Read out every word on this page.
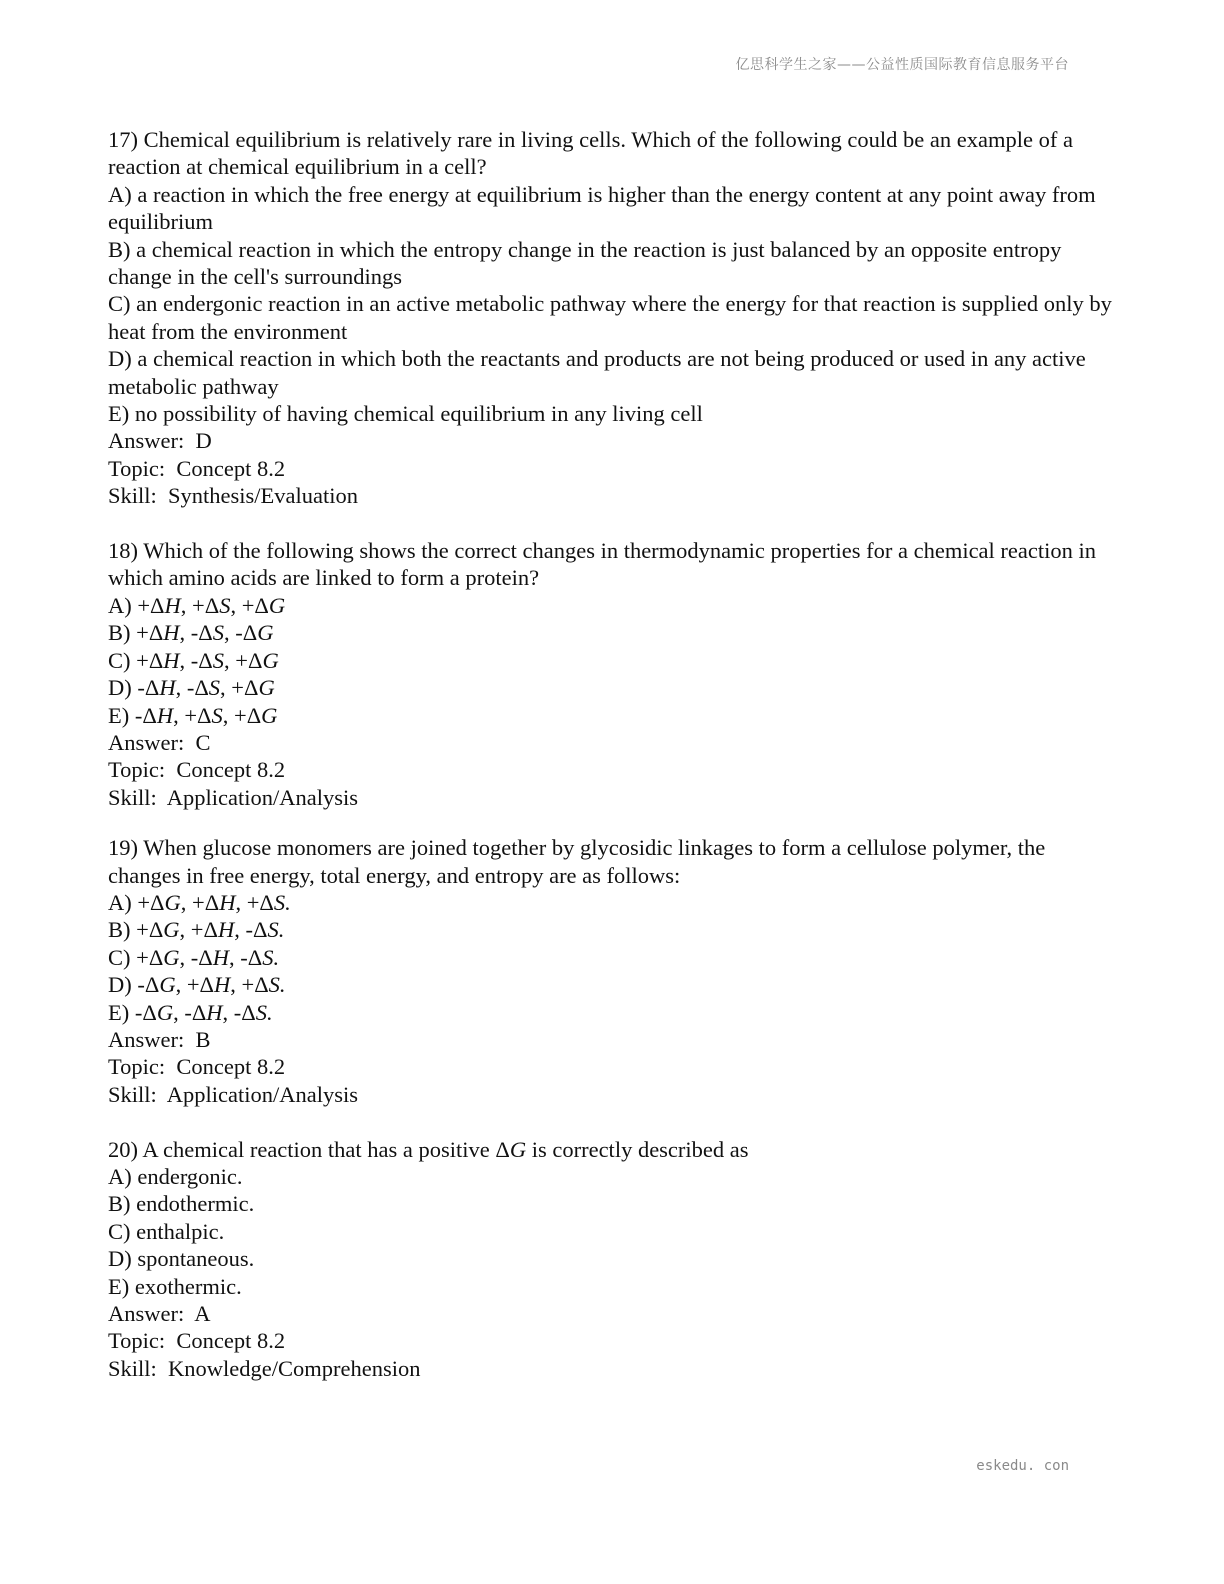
亿思科学生之家——公益性质国际教育信息服务平台
17) Chemical equilibrium is relatively rare in living cells. Which of the following could be an example of a reaction at chemical equilibrium in a cell?
A) a reaction in which the free energy at equilibrium is higher than the energy content at any point away from equilibrium
B) a chemical reaction in which the entropy change in the reaction is just balanced by an opposite entropy change in the cell's surroundings
C) an endergonic reaction in an active metabolic pathway where the energy for that reaction is supplied only by heat from the environment
D) a chemical reaction in which both the reactants and products are not being produced or used in any active metabolic pathway
E) no possibility of having chemical equilibrium in any living cell
Answer:  D
Topic:  Concept 8.2
Skill:  Synthesis/Evaluation
18) Which of the following shows the correct changes in thermodynamic properties for a chemical reaction in which amino acids are linked to form a protein?
A) +ΔH, +ΔS, +ΔG
B) +ΔH, -ΔS, -ΔG
C) +ΔH, -ΔS, +ΔG
D) -ΔH, -ΔS, +ΔG
E) -ΔH, +ΔS, +ΔG
Answer:  C
Topic:  Concept 8.2
Skill:  Application/Analysis
19) When glucose monomers are joined together by glycosidic linkages to form a cellulose polymer, the changes in free energy, total energy, and entropy are as follows:
A) +ΔG, +ΔH, +ΔS.
B) +ΔG, +ΔH, -ΔS.
C) +ΔG, -ΔH, -ΔS.
D) -ΔG, +ΔH, +ΔS.
E) -ΔG, -ΔH, -ΔS.
Answer:  B
Topic:  Concept 8.2
Skill:  Application/Analysis
20) A chemical reaction that has a positive ΔG is correctly described as
A) endergonic.
B) endothermic.
C) enthalpic.
D) spontaneous.
E) exothermic.
Answer:  A
Topic:  Concept 8.2
Skill:  Knowledge/Comprehension
eskedu. con
